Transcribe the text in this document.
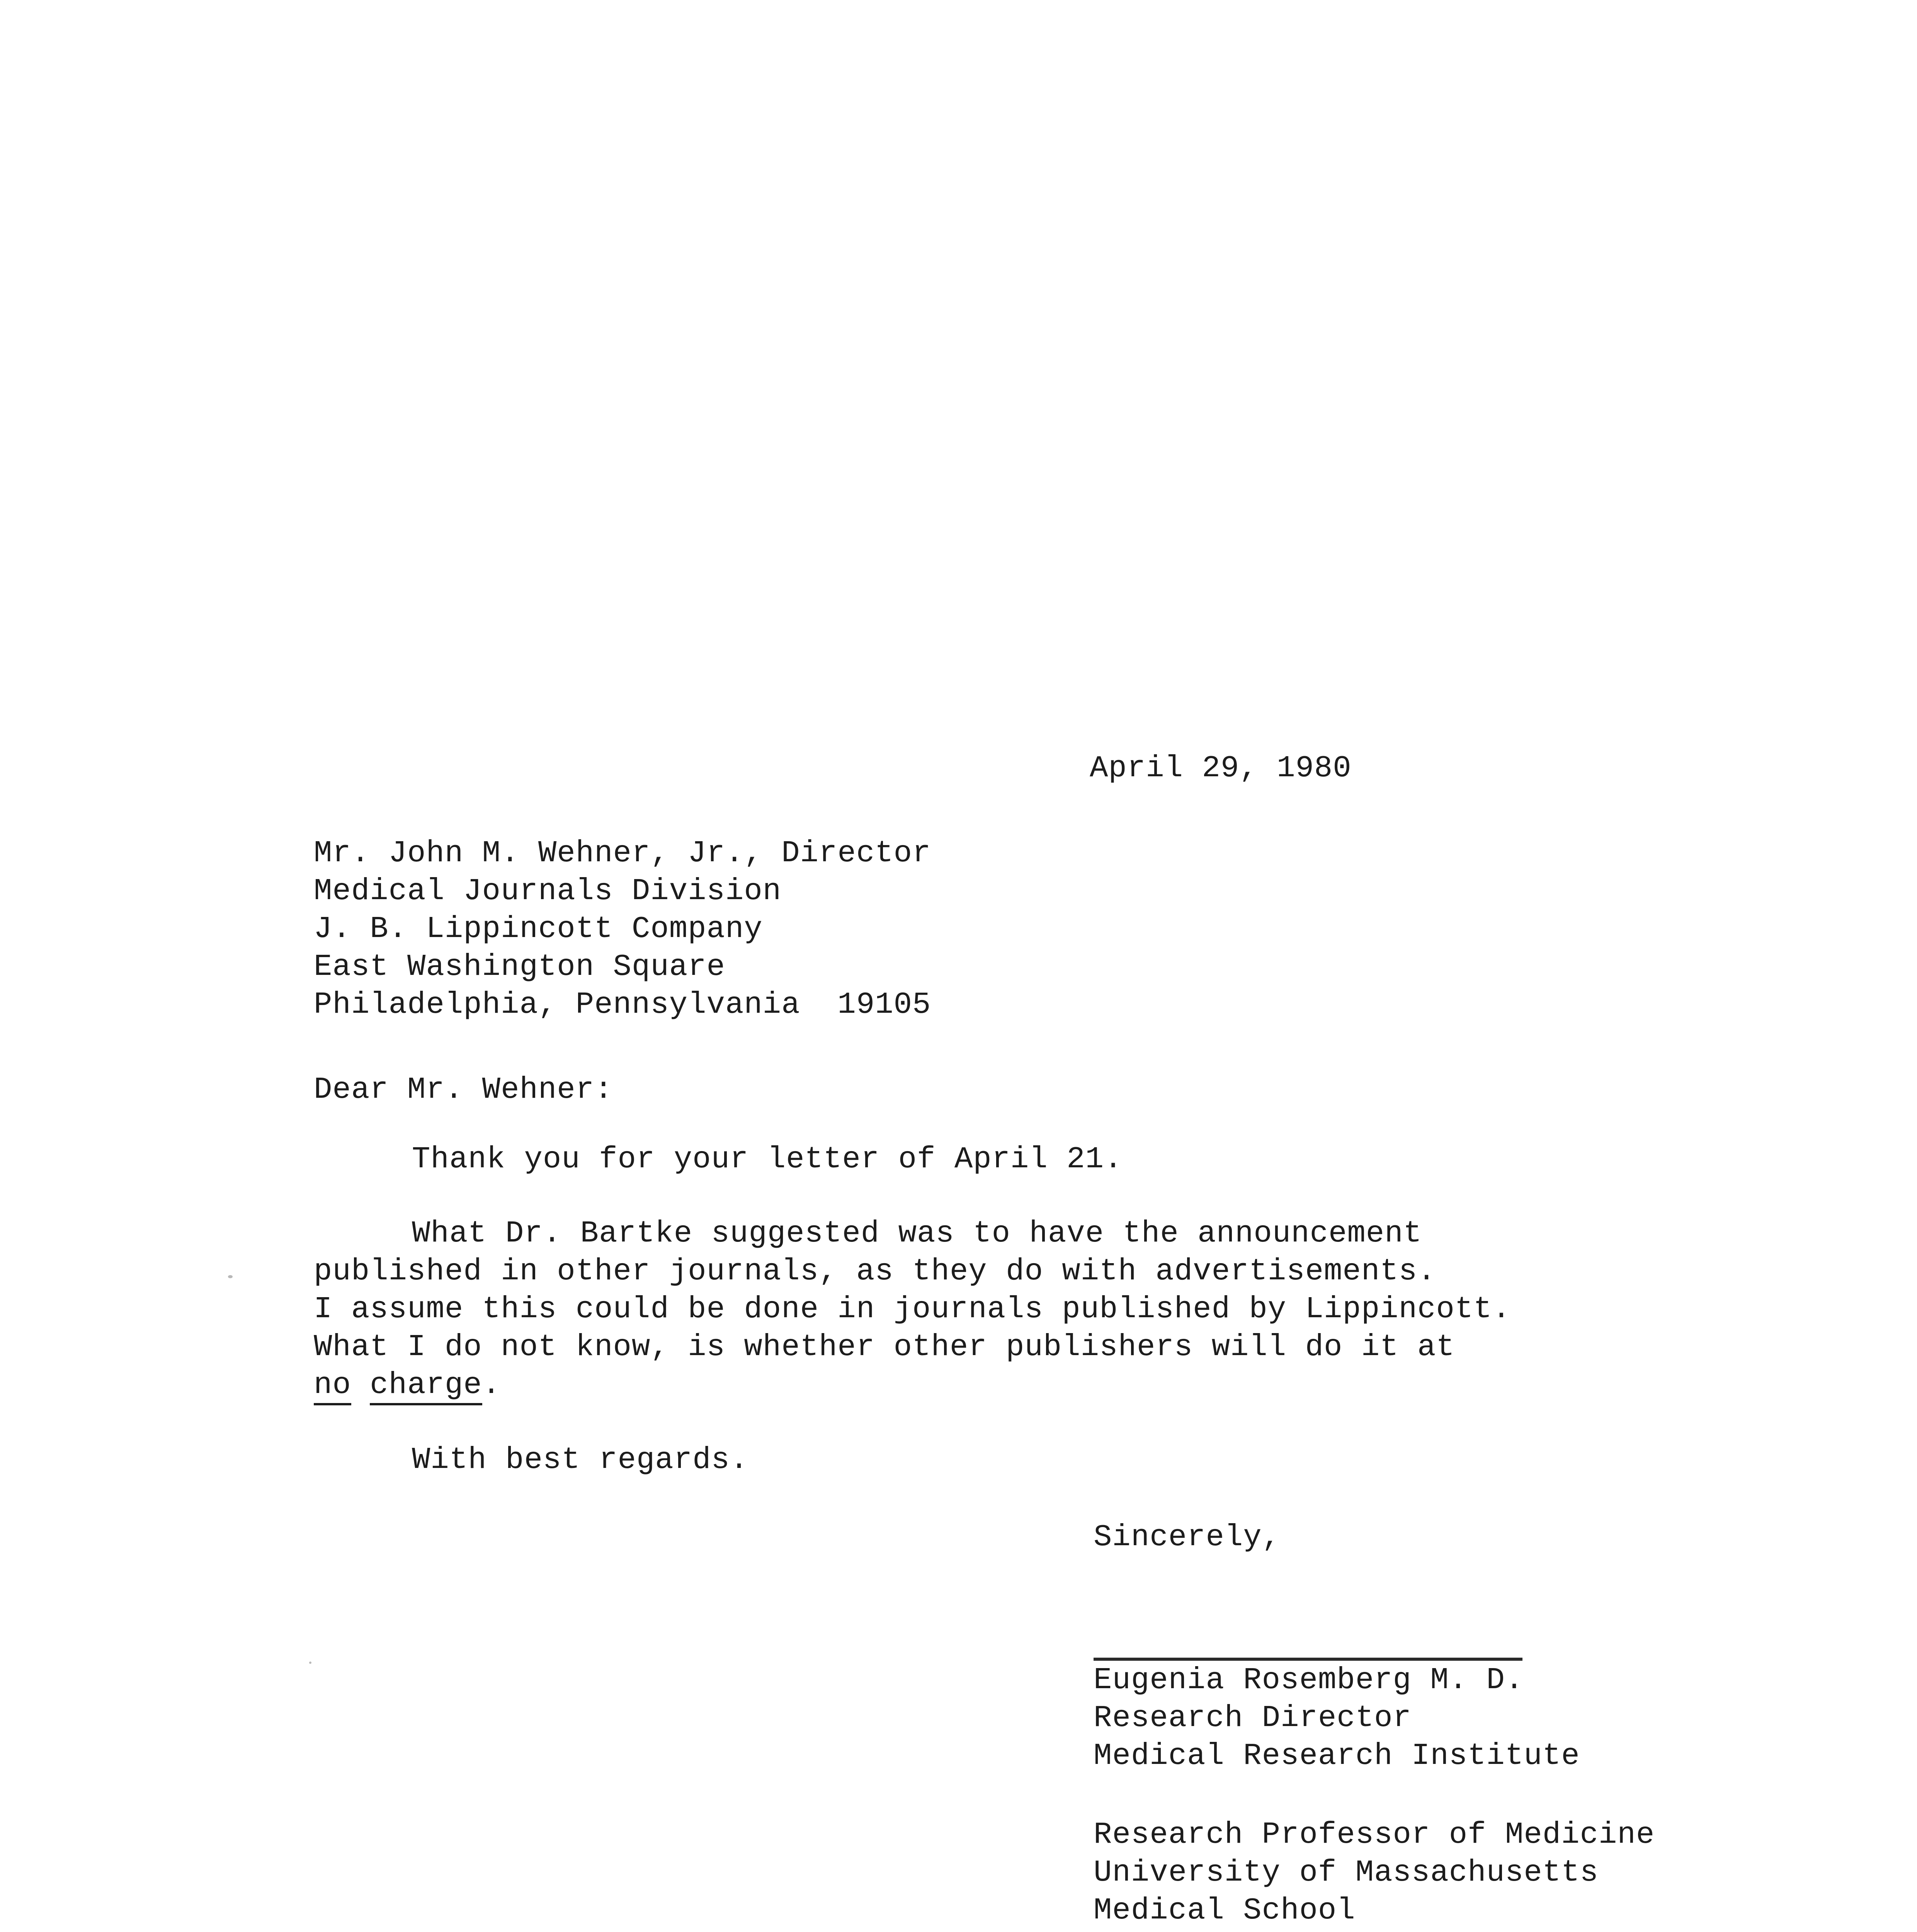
April 29, 1980
Mr. John M. Wehner, Jr., Director
Medical Journals Division
J. B. Lippincott Company
East Washington Square
Philadelphia, Pennsylvania  19105
Dear Mr. Wehner:
Thank you for your letter of April 21.
What Dr. Bartke suggested was to have the announcement
published in other journals, as they do with advertisements.
I assume this could be done in journals published by Lippincott.
What I do not know, is whether other publishers will do it at
no charge.
With best regards.
Sincerely,
Eugenia Rosemberg M. D.
Research Director
Medical Research Institute
Research Professor of Medicine
University of Massachusetts
Medical School
